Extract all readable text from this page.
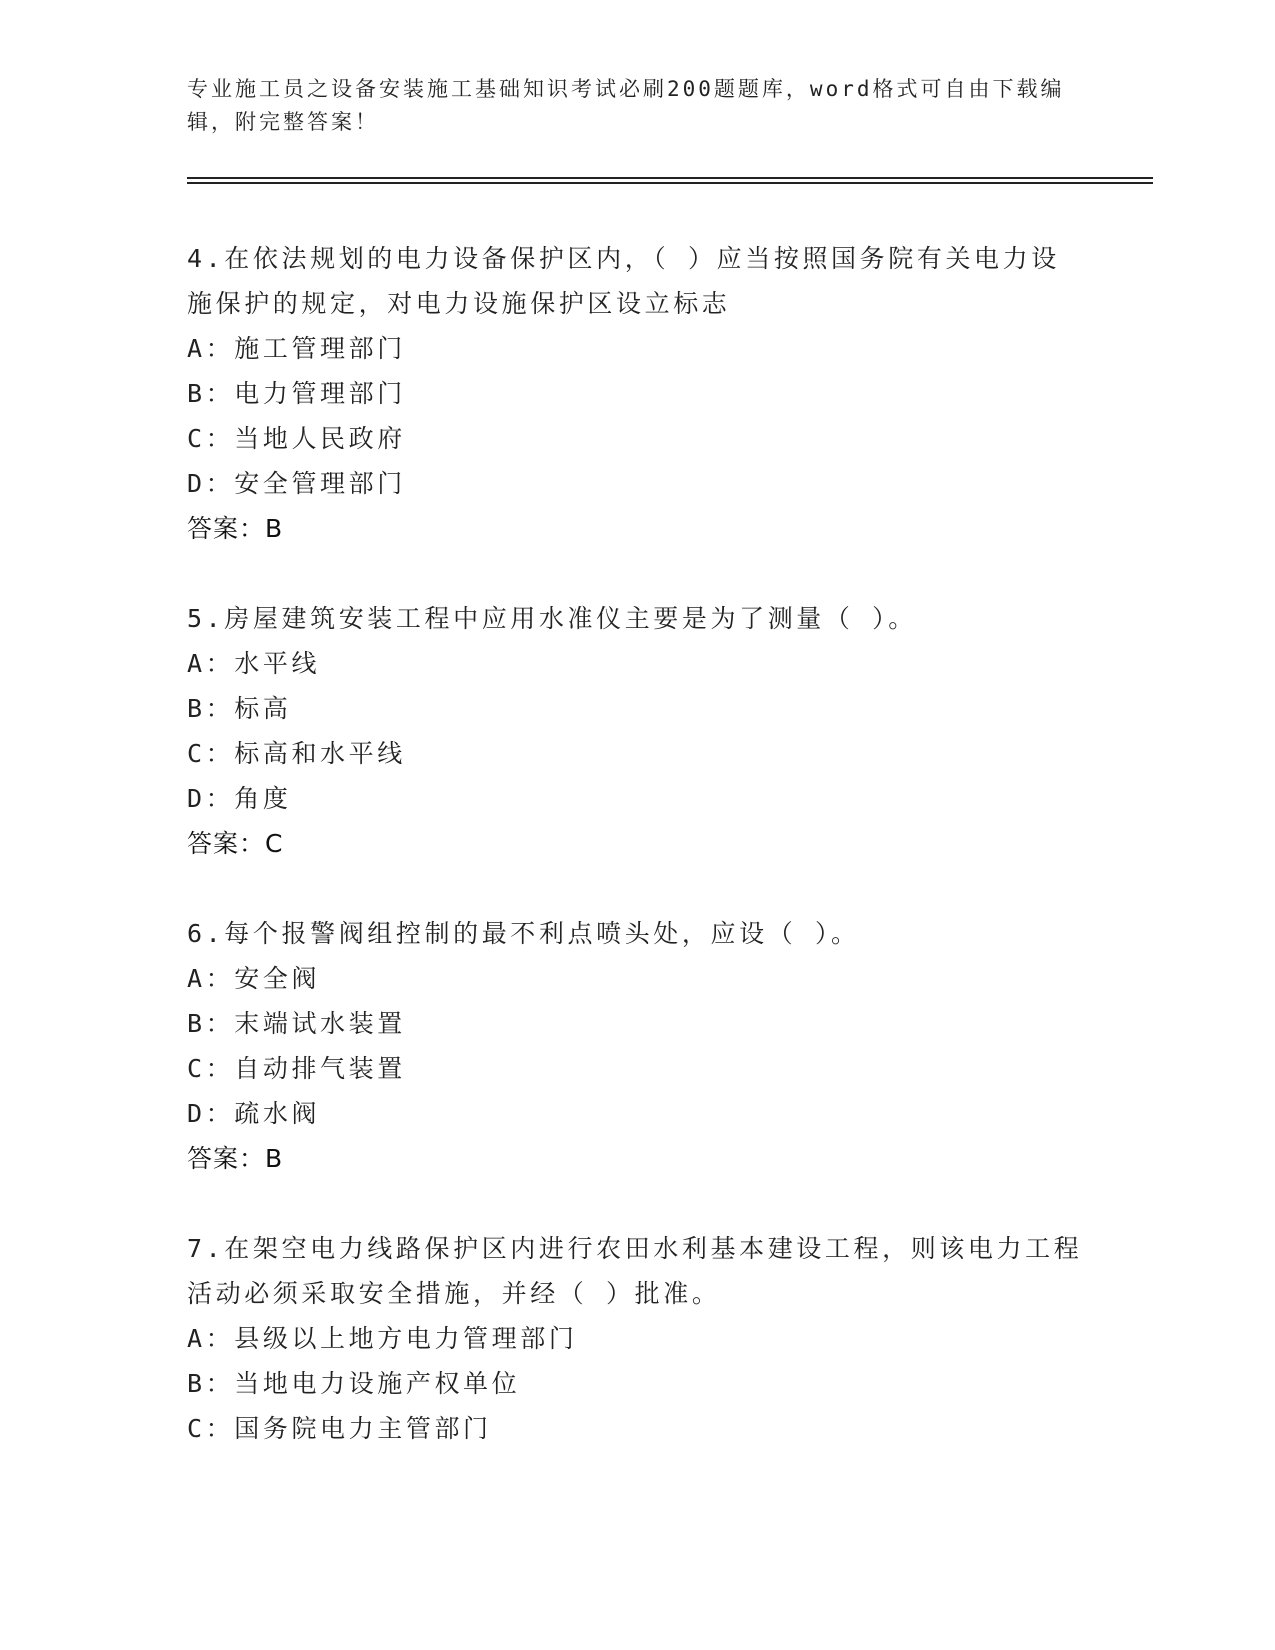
专业施工员之设备安装施工基础知识考试必刷200题题库，word格式可自由下载编辑，附完整答案！

4.在依法规划的电力设备保护区内，（ ）应当按照国务院有关电力设施保护的规定，对电力设施保护区设立标志

A：施工管理部门

B：电力管理部门

C：当地人民政府

D：安全管理部门

答案：B

5.房屋建筑安装工程中应用水准仪主要是为了测量（ ）。

A：水平线

B：标高

C：标高和水平线

D：角度

答案：C

6.每个报警阀组控制的最不利点喷头处，应设（ ）。

A：安全阀

B：末端试水装置

C：自动排气装置

D：疏水阀

答案：B

7.在架空电力线路保护区内进行农田水利基本建设工程，则该电力工程活动必须采取安全措施，并经（ ）批准。

A：县级以上地方电力管理部门

B：当地电力设施产权单位

C：国务院电力主管部门
